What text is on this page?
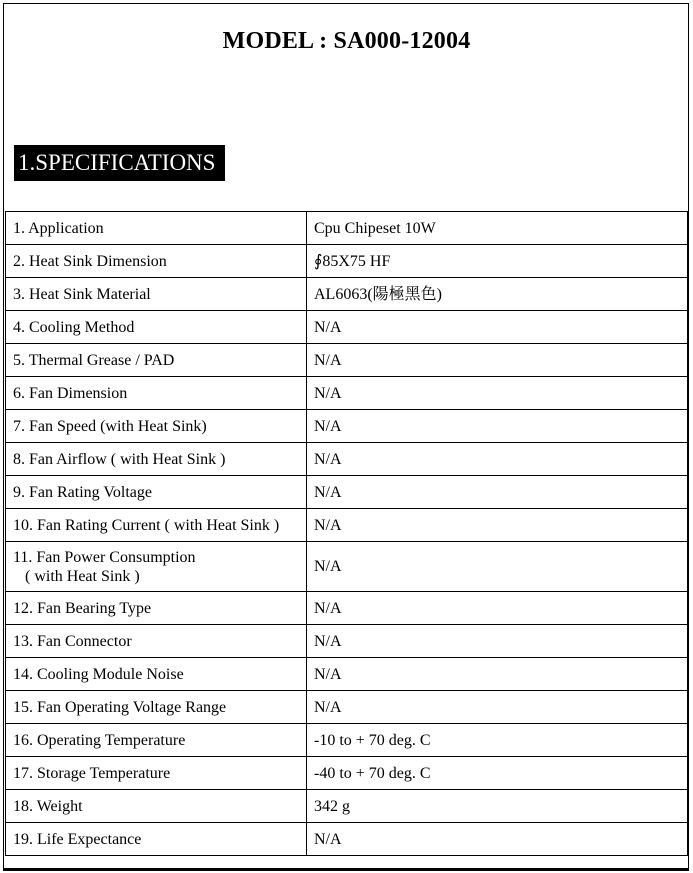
MODEL : SA000-12004
1.SPECIFICATIONS
1. Application	Cpu Chipeset 10W
2. Heat Sink Dimension	∮85X75 HF
3. Heat Sink Material	AL6063(陽極黑色)
4. Cooling Method	N/A
5. Thermal Grease / PAD	N/A
6. Fan Dimension	N/A
7. Fan Speed (with Heat Sink)	N/A
8. Fan Airflow ( with Heat Sink )	N/A
9. Fan Rating Voltage	N/A
10. Fan Rating Current ( with Heat Sink )	N/A
11. Fan Power Consumption
( with Heat Sink )	N/A
12. Fan Bearing Type	N/A
13. Fan Connector	N/A
14. Cooling Module Noise	N/A
15. Fan Operating Voltage Range	N/A
16. Operating Temperature	-10 to + 70 deg. C
17. Storage Temperature	-40 to + 70 deg. C
18. Weight	342 g
19. Life Expectance	N/A
